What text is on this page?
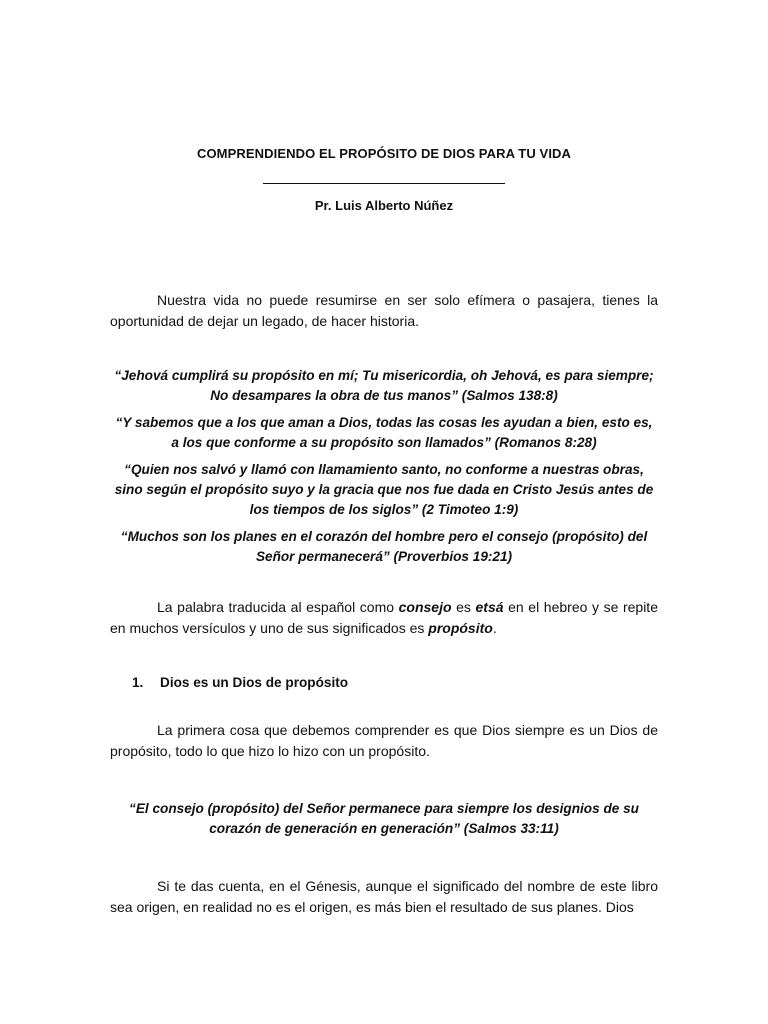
COMPRENDIENDO EL PROPÓSITO DE DIOS PARA TU VIDA

Pr. Luis Alberto Núñez

Nuestra vida no puede resumirse en ser solo efímera o pasajera, tienes la oportunidad de dejar un legado, de hacer historia.

“Jehová cumplirá su propósito en mí; Tu misericordia, oh Jehová, es para siempre; No desampares la obra de tus manos” (Salmos 138:8)

“Y sabemos que a los que aman a Dios, todas las cosas les ayudan a bien, esto es, a los que conforme a su propósito son llamados” (Romanos 8:28)

“Quien nos salvó y llamó con llamamiento santo, no conforme a nuestras obras, sino según el propósito suyo y la gracia que nos fue dada en Cristo Jesús antes de los tiempos de los siglos” (2 Timoteo 1:9)

“Muchos son los planes en el corazón del hombre pero el consejo (propósito) del Señor permanecerá” (Proverbios 19:21)

La palabra traducida al español como consejo es etsá en el hebreo y se repite en muchos versículos y uno de sus significados es propósito.

1.	Dios es un Dios de propósito

La primera cosa que debemos comprender es que Dios siempre es un Dios de propósito, todo lo que hizo lo hizo con un propósito.

“El consejo (propósito) del Señor permanece para siempre los designios de su corazón de generación en generación” (Salmos 33:11)

Si te das cuenta, en el Génesis, aunque el significado del nombre de este libro sea origen, en realidad no es el origen, es más bien el resultado de sus planes. Dios
